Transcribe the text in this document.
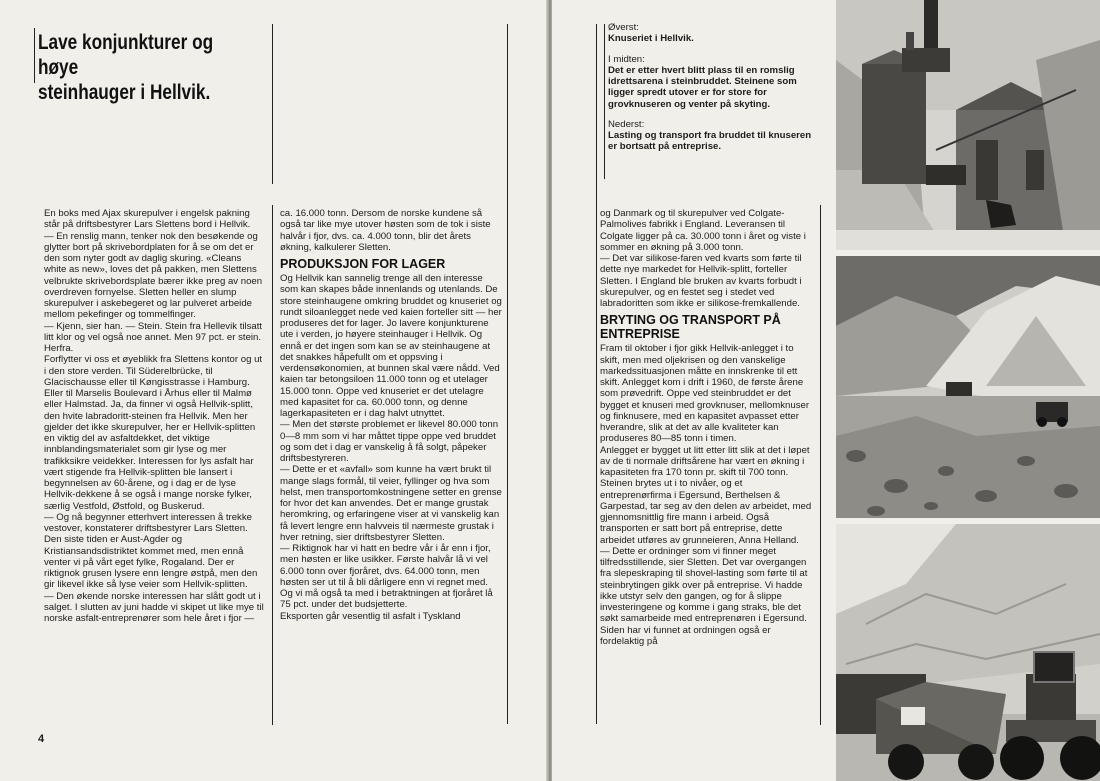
Lave konjunkturer og høye
steinhauger i Hellvik.

En boks med Ajax skurepulver i engelsk pakning står på driftsbestyrer Lars Slettens bord i Hellvik.
— En renslig mann, tenker nok den besøkende og glytter bort på skrivebordplaten for å se om det er den som nyter godt av daglig skuring. «Cleans white as new», loves det på pakken, men Slettens velbrukte skrivebordsplate bærer ikke preg av noen overdreven fornyelse. Sletten heller en slump skurepulver i askebegeret og lar pulveret arbeide mellom pekefinger og tommelfinger.
— Kjenn, sier han. — Stein. Stein fra Hellevik tilsatt litt klor og vel også noe annet. Men 97 pct. er stein. Herfra.
Forflytter vi oss et øyeblikk fra Slettens kontor og ut i den store verden. Til Süderelbrücke, til Glacischausse eller til Køngisstrasse i Hamburg. Eller til Marselis Boulevard i Århus eller til Malmø eller Halmstad. Ja, da finner vi også Hellvik-splitt, den hvite labradoritt-steinen fra Hellvik. Men her gjelder det ikke skurepulver, her er Hellvik-splitten en viktig del av asfaltdekket, det viktige innblandingsmaterialet som gir lyse og mer trafikksikre veidekker. Interessen for lys asfalt har vært stigende fra Hellvik-splitten ble lansert i begynnelsen av 60-årene, og i dag er de lyse Hellvik-dekkene å se også i mange norske fylker, særlig Vestfold, Østfold, og Buskerud.
— Og nå begynner etterhvert interessen å trekke vestover, konstaterer driftsbestyrer Lars Sletten. Den siste tiden er Aust-Agder og Kristiansandsdistriktet kommet med, men ennå venter vi på vårt eget fylke, Rogaland. Der er riktignok grusen lysere enn lengre østpå, men den gir likevel ikke så lyse veier som Hellvik-splitten.
— Den økende norske interessen har slått godt ut i salget. I slutten av juni hadde vi skipet ut like mye til norske asfalt-entreprenører som hele året i fjor —

ca. 16.000 tonn. Dersom de norske kundene så også tar like mye utover høsten som de tok i siste halvår i fjor, dvs. ca. 4.000 tonn, blir det årets økning, kalkulerer Sletten.

PRODUKSJON FOR LAGER

Og Hellvik kan sannelig trenge all den interesse som kan skapes både innenlands og utenlands. De store steinhaugene omkring bruddet og knuseriet og rundt siloanlegget nede ved kaien forteller sitt — her produseres det for lager. Jo lavere konjunkturene ute i verden, jo høyere steinhauger i Hellvik. Og ennå er det ingen som kan se av steinhaugene at det snakkes håpefullt om et oppsving i verdensøkonomien, at bunnen skal være nådd. Ved kaien tar betongsiloen 11.000 tonn og et utelager 15.000 tonn. Oppe ved knuseriet er det utelagre med kapasitet for ca. 60.000 tonn, og denne lagerkapasiteten er i dag halvt utnyttet.
— Men det største problemet er likevel 80.000 tonn 0—8 mm som vi har måttet tippe oppe ved bruddet og som det i dag er vanskelig å få solgt, påpeker driftsbestyreren.
— Dette er et «avfall» som kunne ha vært brukt til mange slags formål, til veier, fyllinger og hva som helst, men transportomkostningene setter en grense for hvor det kan anvendes. Det er mange grustak heromkring, og erfaringene viser at vi vanskelig kan få levert lengre enn halvveis til nærmeste grustak i hver retning, sier driftsbestyrer Sletten.
— Riktignok har vi hatt en bedre vår i år enn i fjor, men høsten er like usikker. Første halvår lå vi vel 6.000 tonn over fjoråret, dvs. 64.000 tonn, men høsten ser ut til å bli dårligere enn vi regnet med. Og vi må også ta med i betraktningen at fjoråret lå 75 pct. under det budsjetterte.
Eksporten går vesentlig til asfalt i Tyskland

4
Øverst:
Knuseriet i Hellvik.
I midten:
Det er etter hvert blitt plass til en romslig idrettsarena i steinbruddet. Steinene som ligger spredt utover er for store for grovknuseren og venter på skyting.
Nederst:
Lasting og transport fra bruddet til knuseren er bortsatt på entreprise.

og Danmark og til skurepulver ved Colgate-Palmolives fabrikk i England. Leveransen til Colgate ligger på ca. 30.000 tonn i året og viste i sommer en økning på 3.000 tonn.
— Det var silikose-faren ved kvarts som førte til dette nye markedet for Hellvik-splitt, forteller Sletten. I England ble bruken av kvarts forbudt i skurepulver, og en festet seg i stedet ved labradoritten som ikke er silikose-fremkallende.

BRYTING OG TRANSPORT PÅ ENTREPRISE

Fram til oktober i fjor gikk Hellvik-anlegget i to skift, men med oljekrisen og den vanskelige markedssituasjonen måtte en innskrenke til ett skift. Anlegget kom i drift i 1960, de første årene som prøvedrift. Oppe ved steinbruddet er det bygget et knuseri med grovknuser, mellomknuser og finknusere, med en kapasitet avpasset etter hverandre, slik at det av alle kvaliteter kan produseres 80—85 tonn i timen.
Anlegget er bygget ut litt etter litt slik at det i løpet av de ti normale driftsårene har vært en økning i kapasiteten fra 170 tonn pr. skift til 700 tonn.
Steinen brytes ut i to nivåer, og et entreprenørfirma i Egersund, Berthelsen & Garpestad, tar seg av den delen av arbeidet, med gjennomsnittlig fire mann i arbeid. Også transporten er satt bort på entreprise, dette arbeidet utføres av grunneieren, Anna Helland.
— Dette er ordninger som vi finner meget tilfredsstillende, sier Sletten. Det var overgangen fra slepeskraping til shovel-lasting som førte til at steinbrytingen gikk over på entreprise. Vi hadde ikke utstyr selv den gangen, og for å slippe investeringene og komme i gang straks, ble det søkt samarbeide med entreprenøren i Egersund. Siden har vi funnet at ordningen også er fordelaktig på
